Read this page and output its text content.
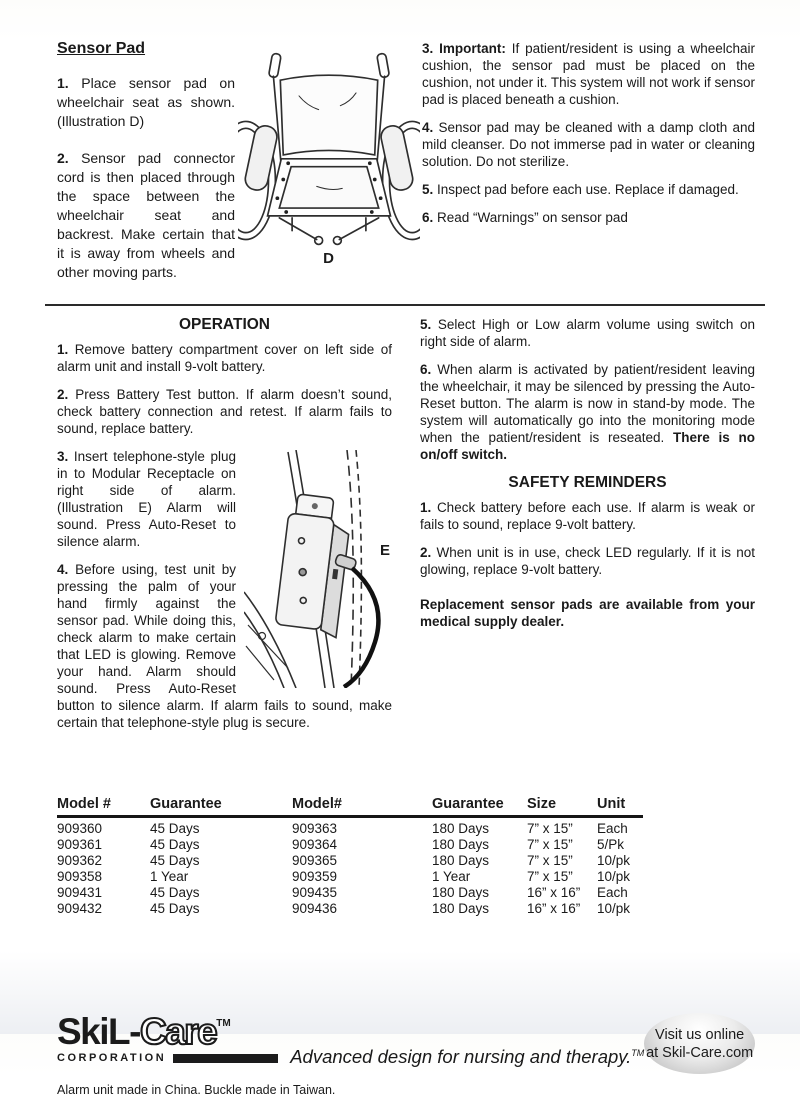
Sensor Pad

1. Place sensor pad on wheelchair seat as shown. (Illustration D)

2. Sensor pad connector cord is then placed through the space between the wheelchair seat and backrest. Make certain that it is away from wheels and other moving parts.

D

3. Important: If patient/resident is using a wheelchair cushion, the sensor pad must be placed on the cushion, not under it. This system will not work if sensor pad is placed beneath a cushion.

4. Sensor pad may be cleaned with a damp cloth and mild cleanser. Do not immerse pad in water or cleaning solution. Do not sterilize.

5. Inspect pad before each use. Replace if damaged.

6. Read “Warnings” on sensor pad

OPERATION

1. Remove battery compartment cover on left side of alarm unit and install 9-volt battery.

2. Press Battery Test button. If alarm doesn’t sound, check battery connection and retest. If alarm fails to sound, replace battery.

E

3. Insert telephone-style plug in to Modular Receptacle on right side of alarm. (Illustration E) Alarm will sound. Press Auto-Reset to silence alarm.

4. Before using, test unit by pressing the palm of your hand firmly against the sensor pad. While doing this, check alarm to make certain that LED is glowing. Remove your hand. Alarm should sound. Press Auto-Reset button to silence alarm. If alarm fails to sound, make certain that telephone-style plug is secure.

5. Select High or Low alarm volume using switch on right side of alarm.

6. When alarm is activated by patient/resident leaving the wheelchair, it may be silenced by pressing the Auto-Reset button. The alarm is now in stand-by mode. The system will automatically go into the monitoring mode when the patient/resident is reseated. There is no on/off switch.

SAFETY REMINDERS

1. Check battery before each use. If alarm is weak or fails to sound, replace 9-volt battery.

2. When unit is in use, check LED regularly. If it is not glowing, replace 9-volt battery.

Replacement sensor pads are available from your medical supply dealer.

Model #	Guarantee	Model#	Guarantee	Size	Unit
909360	45 Days	909363	180 Days	7” x 15”	Each
909361	45 Days	909364	180 Days	7” x 15”	5/Pk
909362	45 Days	909365	180 Days	7” x 15”	10/pk
909358	1 Year	909359	1 Year	7” x 15”	10/pk
909431	45 Days	909435	180 Days	16” x 16”	Each
909432	45 Days	909436	180 Days	16” x 16”	10/pk
SkiL-Care™
CORPORATION	Advanced design for nursing and therapy.™
Visit us online
at Skil-Care.com

Alarm unit made in China. Buckle made in Taiwan.
